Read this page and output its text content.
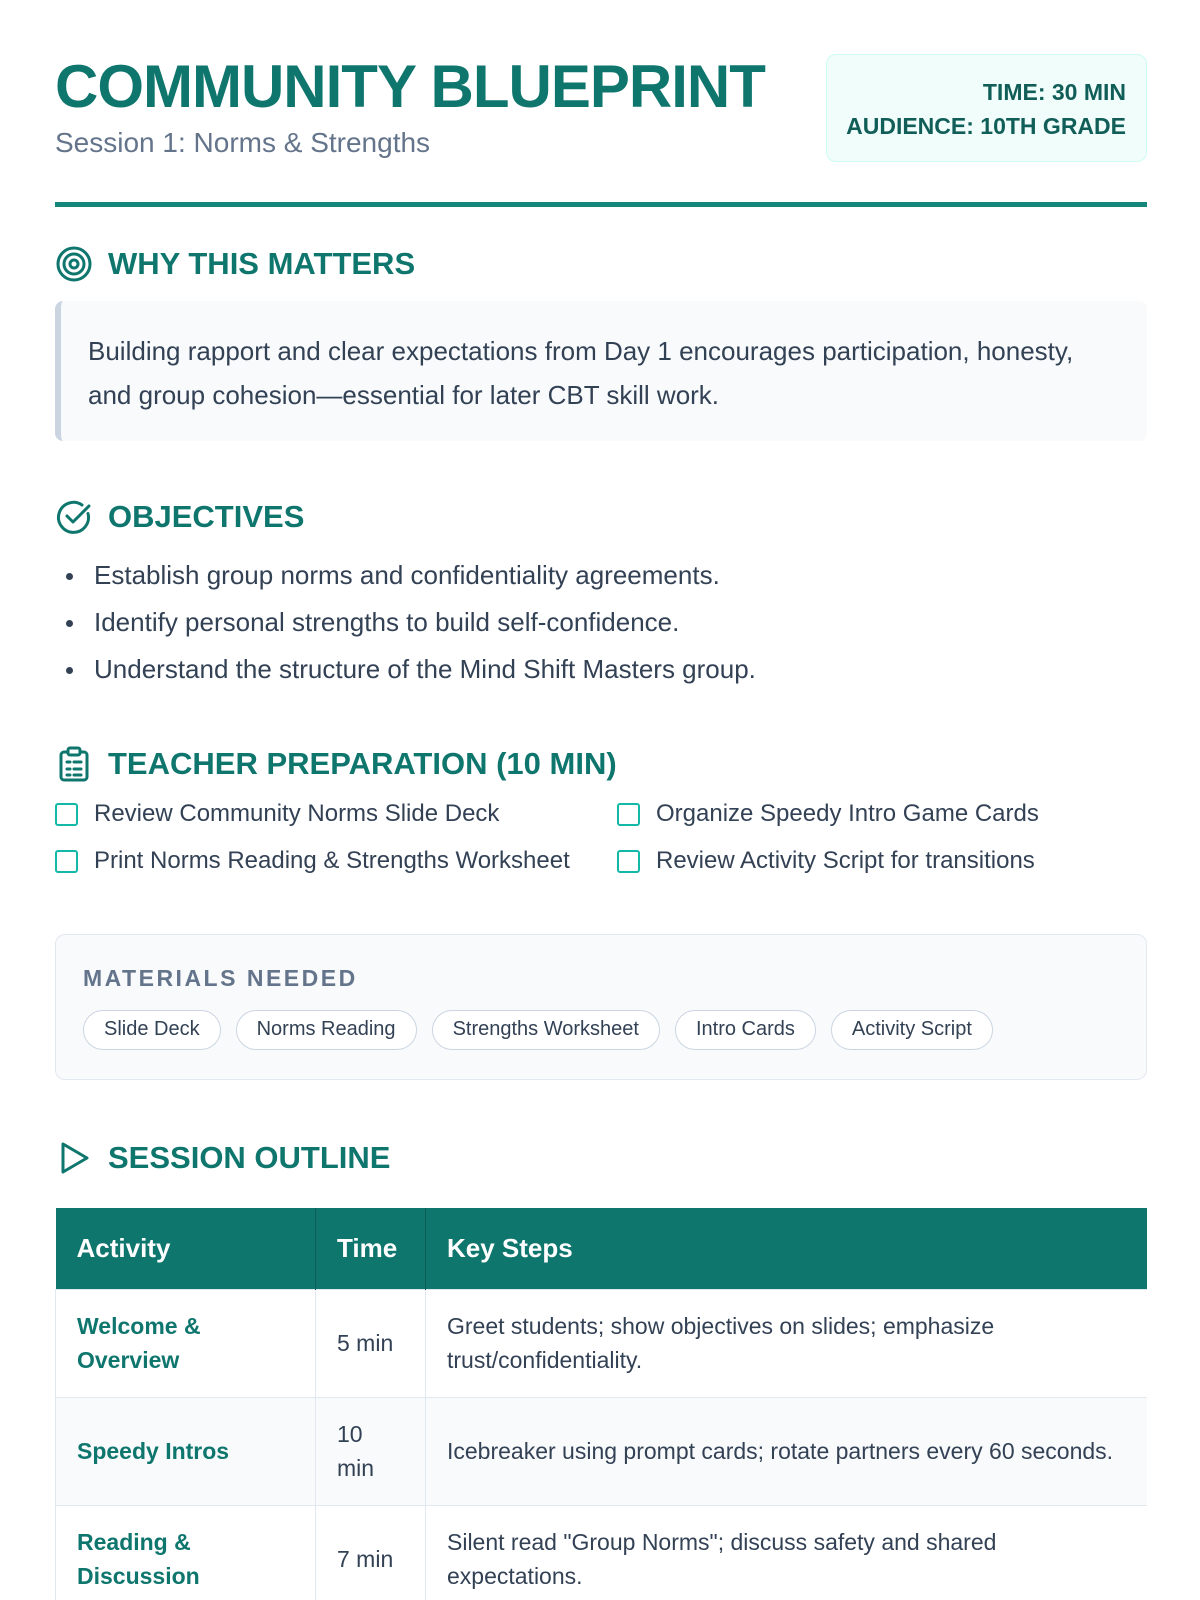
COMMUNITY BLUEPRINT
Session 1: Norms & Strengths
TIME: 30 MIN
AUDIENCE: 10TH GRADE
WHY THIS MATTERS
Building rapport and clear expectations from Day 1 encourages participation, honesty, and group cohesion—essential for later CBT skill work.
OBJECTIVES
Establish group norms and confidentiality agreements.
Identify personal strengths to build self-confidence.
Understand the structure of the Mind Shift Masters group.
TEACHER PREPARATION (10 MIN)
Review Community Norms Slide Deck	Organize Speedy Intro Game Cards
Print Norms Reading & Strengths Worksheet	Review Activity Script for transitions
MATERIALS NEEDED
Slide Deck	Norms Reading	Strengths Worksheet	Intro Cards	Activity Script
SESSION OUTLINE
Activity	Time	Key Steps
Welcome & Overview	5 min	Greet students; show objectives on slides; emphasize trust/confidentiality.
Speedy Intros	10 min	Icebreaker using prompt cards; rotate partners every 60 seconds.
Reading & Discussion	7 min	Silent read "Group Norms"; discuss safety and shared expectations.
